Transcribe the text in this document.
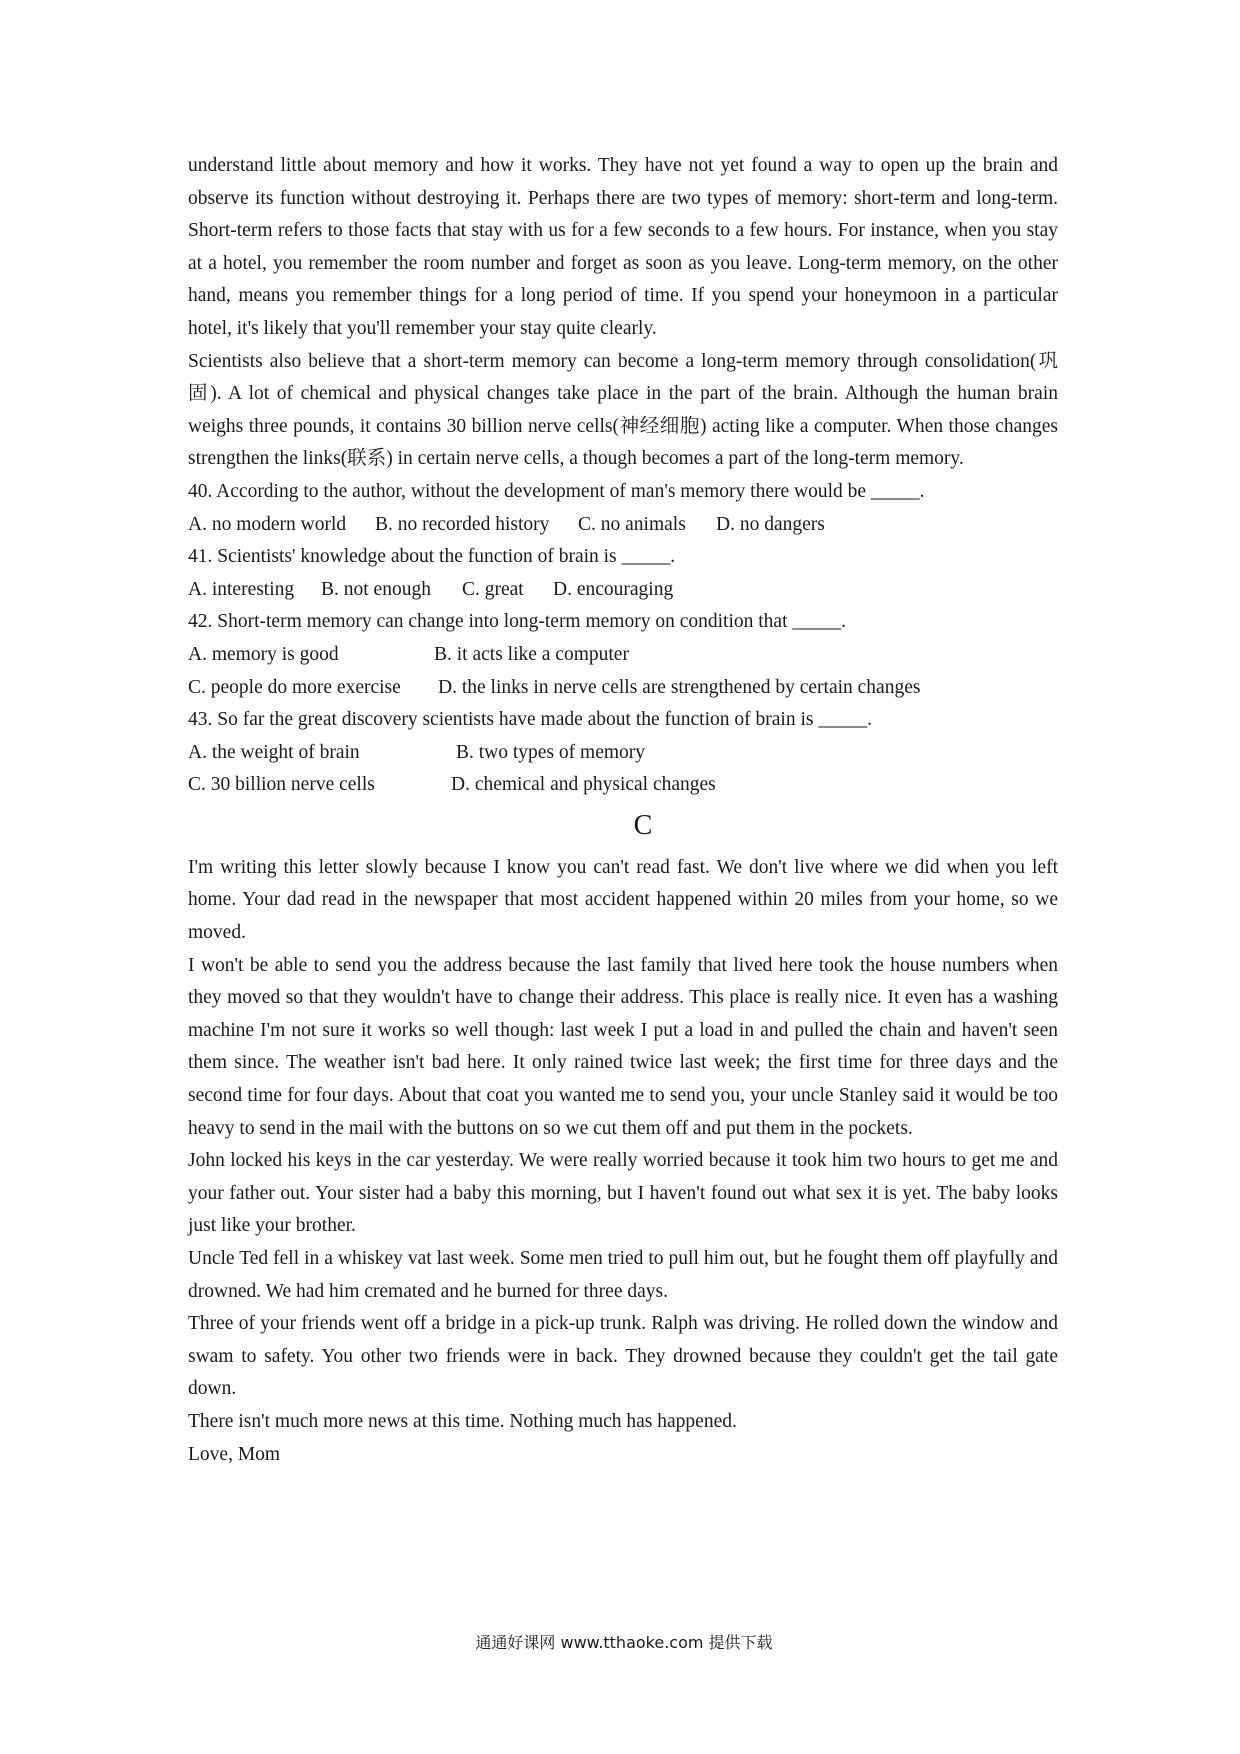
understand little about memory and how it works. They have not yet found a way to open up the brain and observe its function without destroying it. Perhaps there are two types of memory: short-term and long-term. Short-term refers to those facts that stay with us for a few seconds to a few hours. For instance, when you stay at a hotel, you remember the room number and forget as soon as you leave. Long-term memory, on the other hand, means you remember things for a long period of time. If you spend your honeymoon in a particular hotel, it's likely that you'll remember your stay quite clearly.

Scientists also believe that a short-term memory can become a long-term memory through consolidation(巩固). A lot of chemical and physical changes take place in the part of the brain. Although the human brain weighs three pounds, it contains 30 billion nerve cells(神经细胞) acting like a computer. When those changes strengthen the links(联系) in certain nerve cells, a though becomes a part of the long-term memory.

40. According to the author, without the development of man's memory there would be _____.

A. no modern world B. no recorded history C. no animals D. no dangers

41. Scientists' knowledge about the function of brain is _____.

A. interesting B. not enough C. great D. encouraging

42. Short-term memory can change into long-term memory on condition that _____.

A. memory is good	B. it acts like a computer
C. people do more exercise D. the links in nerve cells are strengthened by certain changes

43. So far the great discovery scientists have made about the function of brain is _____.

A. the weight of brain	B. two types of memory
C. 30 billion nerve cells	D. chemical and physical changes
C

I'm writing this letter slowly because I know you can't read fast. We don't live where we did when you left home. Your dad read in the newspaper that most accident happened within 20 miles from your home, so we moved.

I won't be able to send you the address because the last family that lived here took the house numbers when they moved so that they wouldn't have to change their address. This place is really nice. It even has a washing machine I'm not sure it works so well though: last week I put a load in and pulled the chain and haven't seen them since. The weather isn't bad here. It only rained twice last week; the first time for three days and the second time for four days. About that coat you wanted me to send you, your uncle Stanley said it would be too heavy to send in the mail with the buttons on so we cut them off and put them in the pockets.

John locked his keys in the car yesterday. We were really worried because it took him two hours to get me and your father out. Your sister had a baby this morning, but I haven't found out what sex it is yet. The baby looks just like your brother.

Uncle Ted fell in a whiskey vat last week. Some men tried to pull him out, but he fought them off playfully and drowned. We had him cremated and he burned for three days.

Three of your friends went off a bridge in a pick-up trunk. Ralph was driving. He rolled down the window and swam to safety. You other two friends were in back. They drowned because they couldn't get the tail gate down.

There isn't much more news at this time. Nothing much has happened.

Love, Mom

通通好课网 www.tthaoke.com 提供下载
